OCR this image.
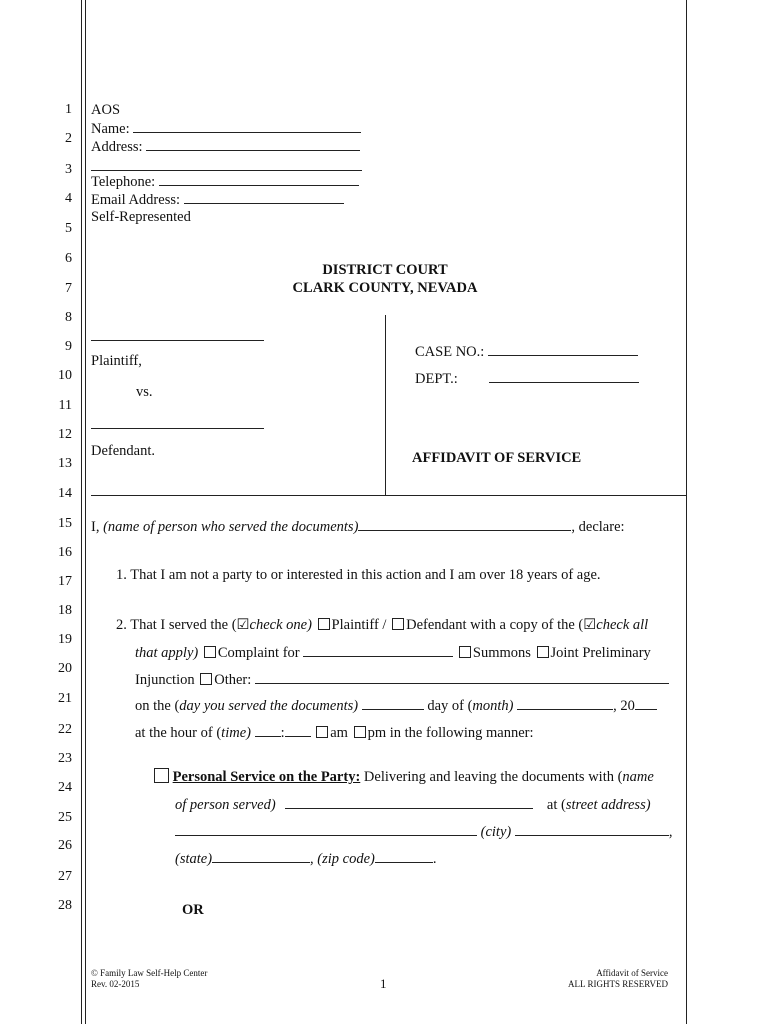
1
2
3
4
5
6
7
8
9
10
11
12
13
14
15
16
17
18
19
20
21
22
23
24
25
26
27
28
AOS
Name:
Address:
Telephone:
Email Address:
Self-Represented
DISTRICT COURT
CLARK COUNTY, NEVADA
Plaintiff,
vs.
Defendant.
CASE NO.:
DEPT.:
AFFIDAVIT OF SERVICE
I, (name of person who served the documents)	, declare:
1. That I am not a party to or interested in this action and I am over 18 years of age.
2. That I served the (☑check one) Plaintiff / Defendant with a copy of the (☑check all
that apply) Complaint for	Summons Joint Preliminary
Injunction Other:
on the (day you served the documents)	day of (month)	, 20
at the hour of (time) :	am pm in the following manner:
Personal Service on the Party: Delivering and leaving the documents with (name
of person served)	at (street address)
(city)	,
(state)	, (zip code)	.
OR
© Family Law Self-Help Center
Rev. 02-2015	1
Affidavit of Service
ALL RIGHTS RESERVED
